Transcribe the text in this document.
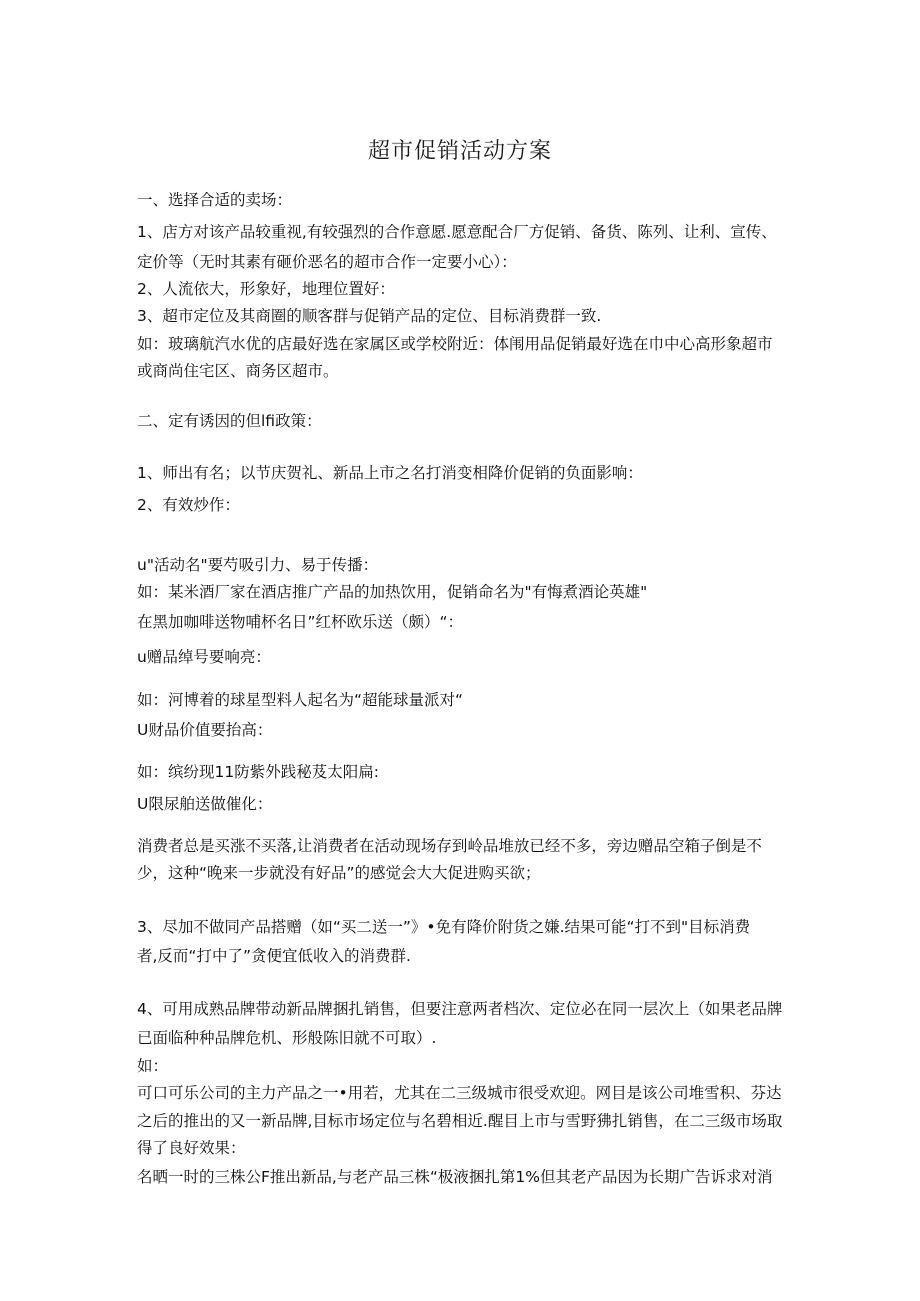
超市促销活动方案
一、选择合适的卖场：
1、店方对该产品较重视,有较强烈的合作意愿.愿意配合厂方促销、备货、陈列、让利、宣传、
定价等（无时其素有砸价恶名的超市合作一定要小心）：
2、人流依大，形象好，地理位置好：
3、超市定位及其商圈的顺客群与促销产品的定位、目标消费群一致.
如：玻璃航汽水优的店最好选在家属区或学校附近：体闱用品促销最好选在巾中心高形象超市
或商尚住宅区、商务区超市。
二、定有诱因的但lfi政策：
1、师出有名；以节庆贺礼、新品上市之名打消变相降价促销的负面影响：
2、有效炒作：
u"活动名"要芍吸引力、易于传播：
如：某米酒厂家在酒店推广产品的加热饮用，促销命名为"有悔煮酒论英雄"
在黑加咖啡送物哺杯名日”红杯欧乐送（颇）“：
u赠品绰号要响亮：
如：河博着的球星型料人起名为“超能球量派对“
U财品价值要抬高：
如：缤纷现11防紫外践秘芨太阳扁:
U限尿舶送做催化：
消费者总是买涨不买落,让消费者在活动现场存到岭品堆放已经不多，旁边赠品空箱子倒是不
少，这种“晚来一步就没有好品”的感觉会大大促进购买欲；
3、尽加不做同产品搭赠（如“买二送一”》•免有降价附货之嫌.结果可能“打不到"目标消费
者,反而“打中了”贪便宜低收入的消费群.
4、可用成熟品牌带动新品牌捆扎销售，但要注意两者档次、定位必在同一层次上（如果老品牌
已面临种种品牌危机、形般陈旧就不可取）.
如：
可口可乐公司的主力产品之一•用若，尤其在二三级城市很受欢迎。网目是该公司堆雪积、芬达
之后的推出的又一新品牌,目标市场定位与名碧相近.醒目上市与雪野狒扎销售，在二三级市场取
得了良好效果：
名晒一时的三株公F推出新品,与老产品三株“极液捆扎第1%但其老产品因为长期广告诉求对消
